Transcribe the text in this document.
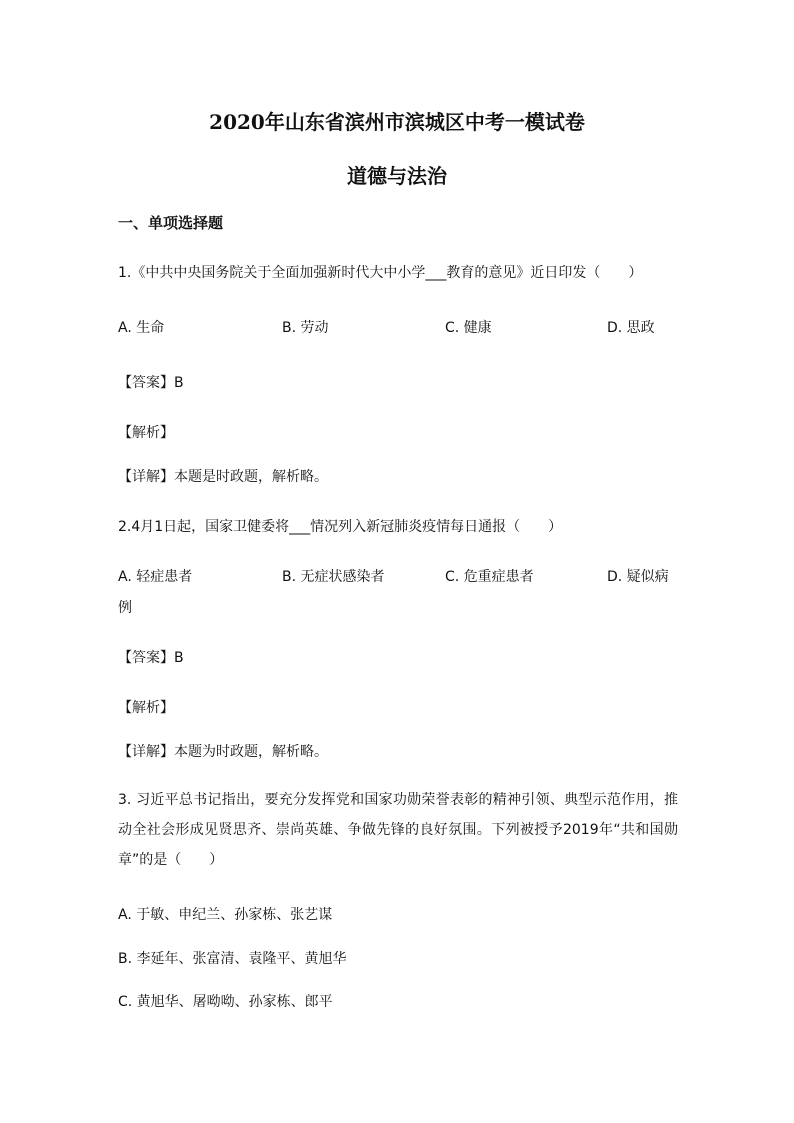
2020年山东省滨州市滨城区中考一模试卷
道德与法治
一、单项选择题
1.《中共中央国务院关于全面加强新时代大中小学___教育的意见》近日印发（　　）
A. 生命	B. 劳动	C. 健康	D. 思政
【答案】B
【解析】
【详解】本题是时政题，解析略。
2.4月1日起，国家卫健委将___情况列入新冠肺炎疫情每日通报（　　）
A. 轻症患者	B. 无症状感染者	C. 危重症患者	D. 疑似病
例
【答案】B
【解析】
【详解】本题为时政题，解析略。
3. 习近平总书记指出，要充分发挥党和国家功勋荣誉表彰的精神引领、典型示范作用，推动全社会形成见贤思齐、崇尚英雄、争做先锋的良好氛围。下列被授予2019年“共和国勋章”的是（　　）
A. 于敏、申纪兰、孙家栋、张艺谋
B. 李延年、张富清、袁隆平、黄旭华
C. 黄旭华、屠呦呦、孙家栋、郎平
